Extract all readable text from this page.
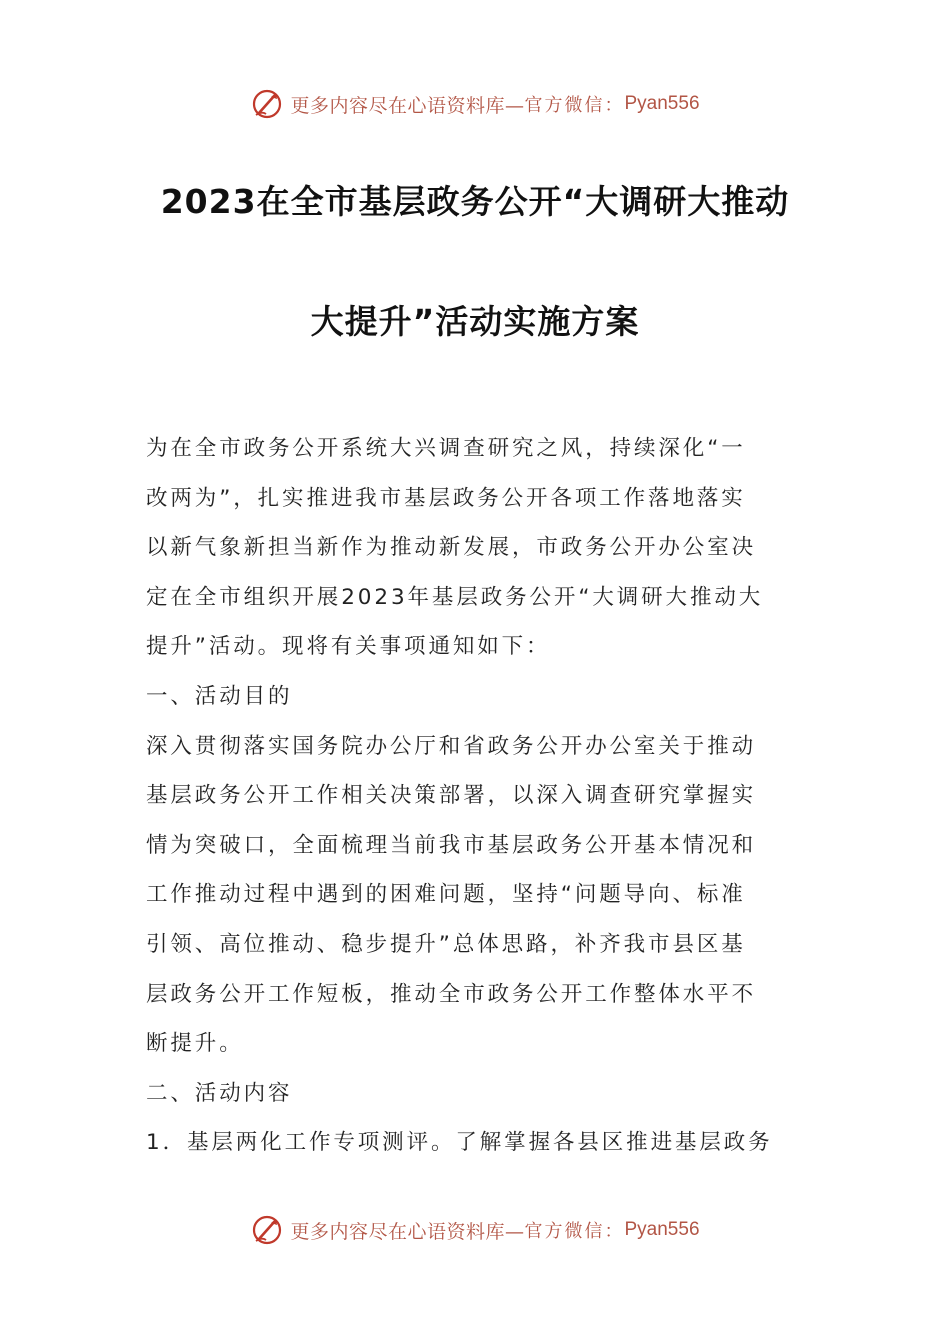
更多内容尽在心语资料库— 官方微信： Pyan556
2023在全市基层政务公开“大调研大推动
大提升”活动实施方案
为在全市政务公开系统大兴调查研究之风，持续深化“一
改两为”，扎实推进我市基层政务公开各项工作落地落实
以新气象新担当新作为推动新发展，市政务公开办公室决
定在全市组织开展2023年基层政务公开“大调研大推动大
提升”活动。现将有关事项通知如下：
一、活动目的
深入贯彻落实国务院办公厅和省政务公开办公室关于推动
基层政务公开工作相关决策部署，以深入调查研究掌握实
情为突破口，全面梳理当前我市基层政务公开基本情况和
工作推动过程中遇到的困难问题，坚持“问题导向、标准
引领、高位推动、稳步提升”总体思路，补齐我市县区基
层政务公开工作短板，推动全市政务公开工作整体水平不
断提升。
二、活动内容
1．基层两化工作专项测评。了解掌握各县区推进基层政务
更多内容尽在心语资料库— 官方微信： Pyan556
